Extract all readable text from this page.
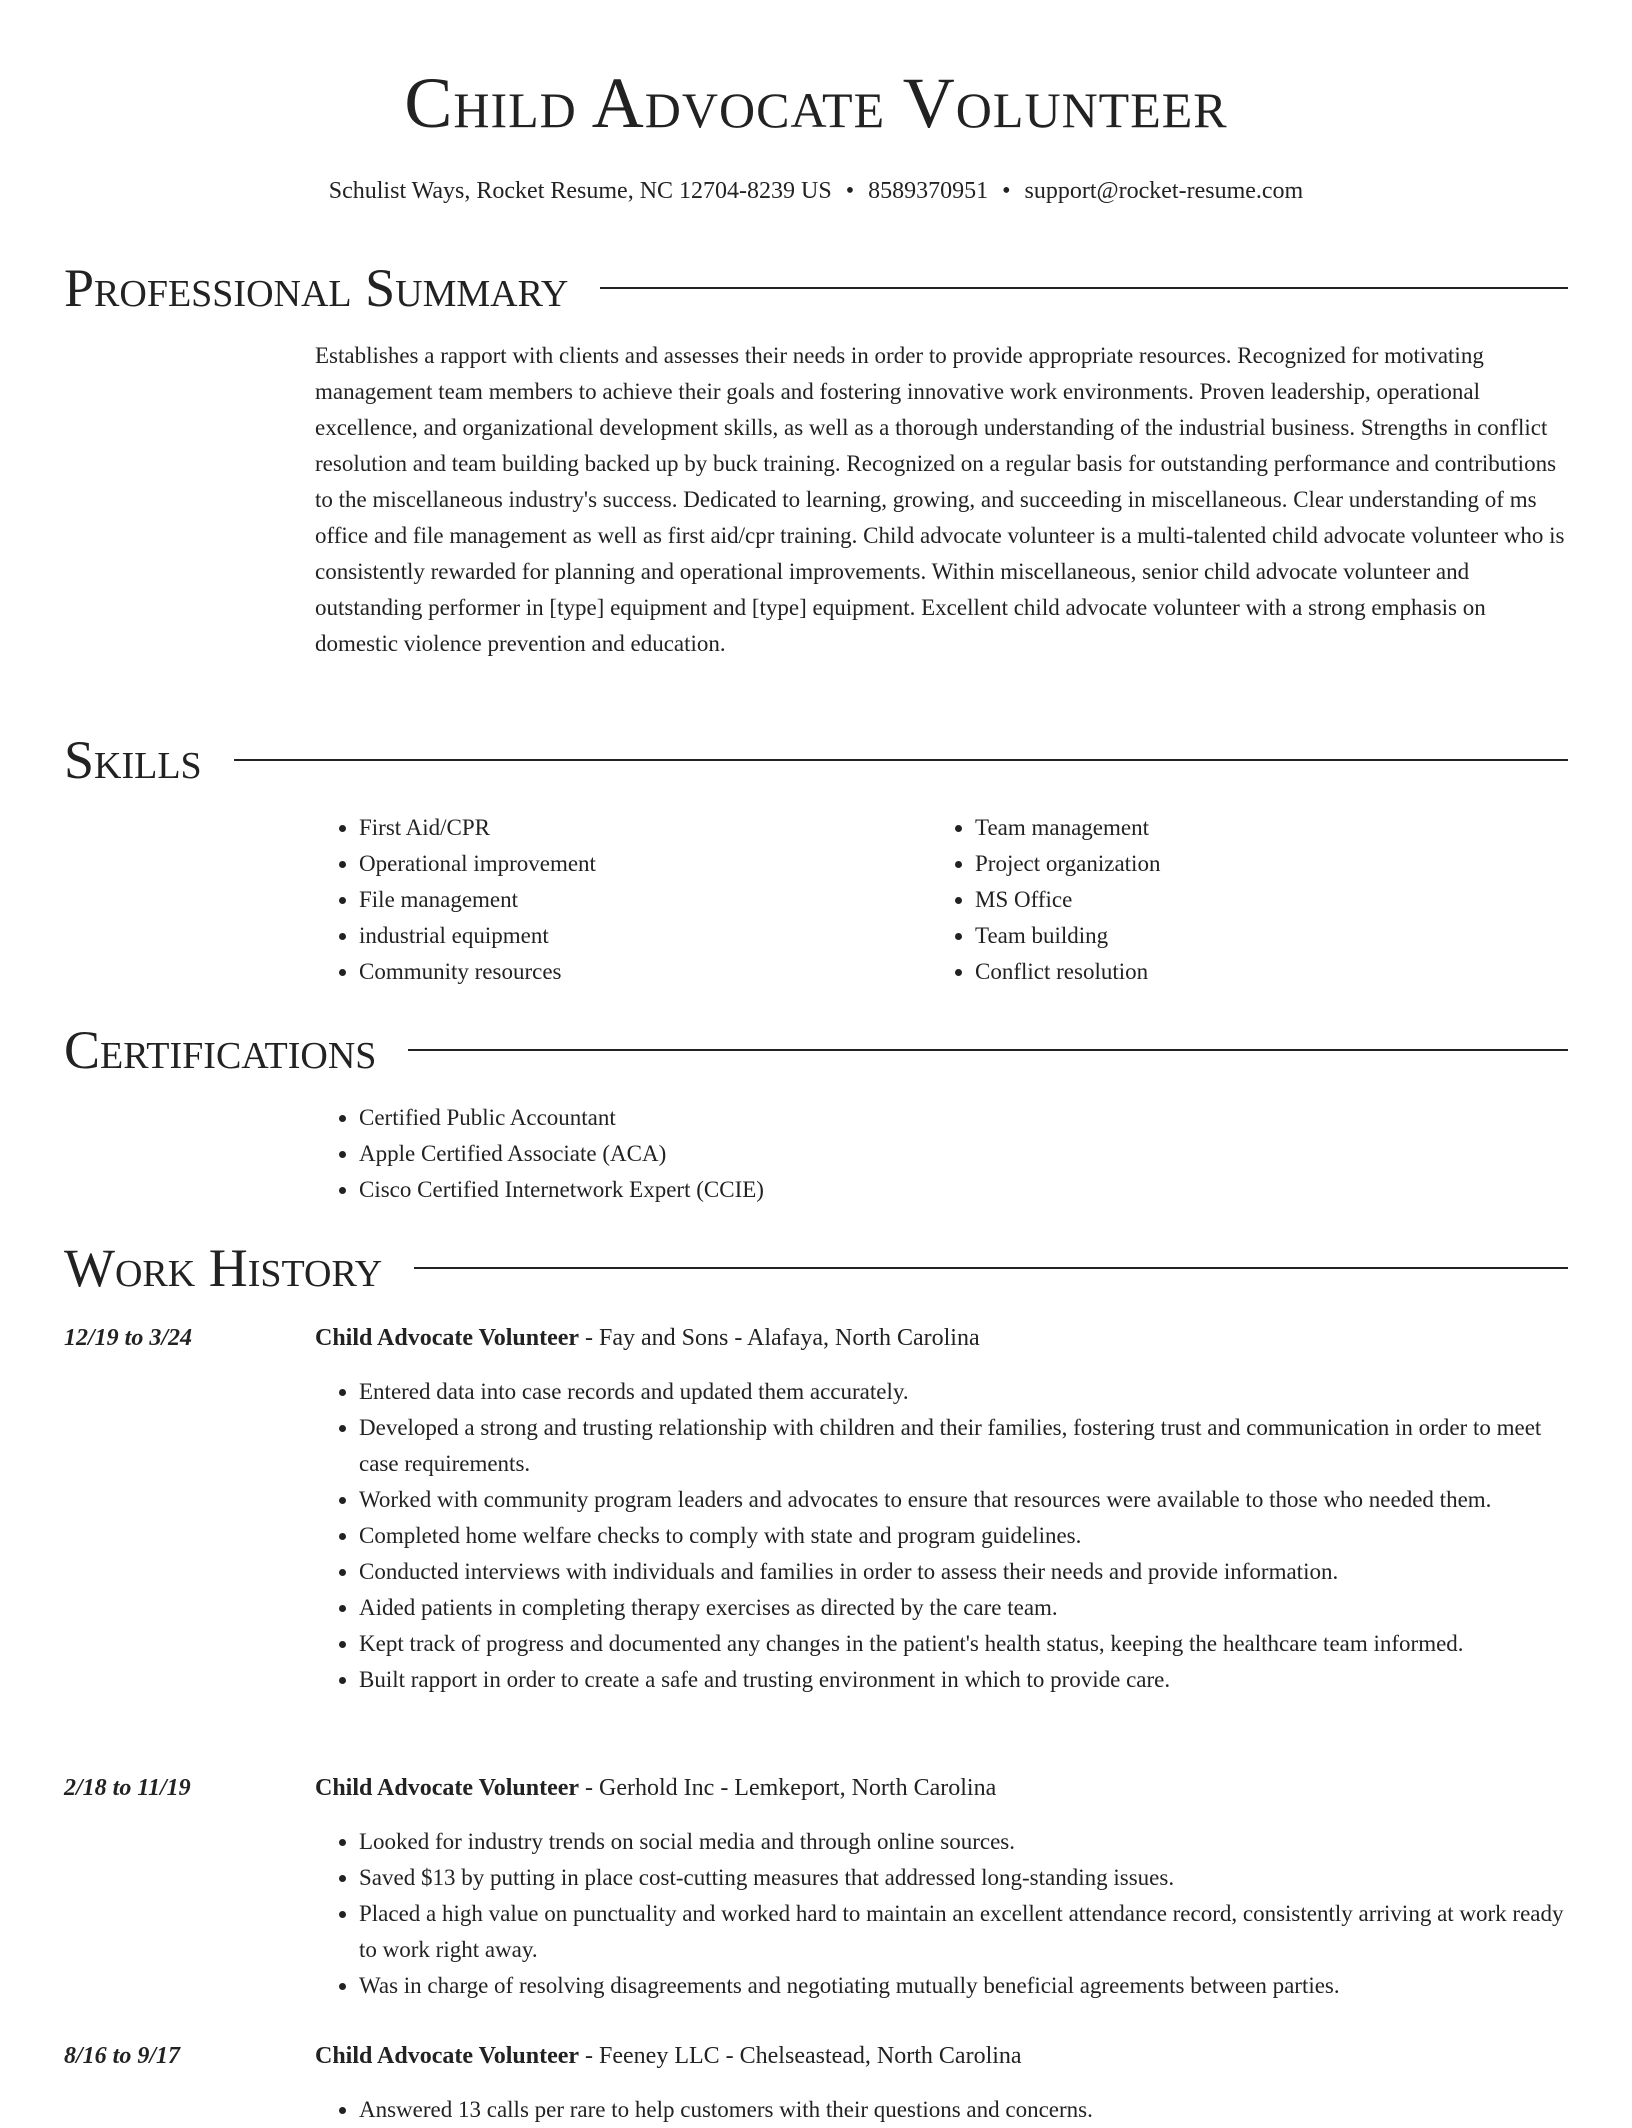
Child Advocate Volunteer
Schulist Ways, Rocket Resume, NC 12704-8239 US • 8589370951 • support@rocket-resume.com
Professional Summary

Establishes a rapport with clients and assesses their needs in order to provide appropriate resources. Recognized for motivating management team members to achieve their goals and fostering innovative work environments. Proven leadership, operational excellence, and organizational development skills, as well as a thorough understanding of the industrial business. Strengths in conflict resolution and team building backed up by buck training. Recognized on a regular basis for outstanding performance and contributions to the miscellaneous industry's success. Dedicated to learning, growing, and succeeding in miscellaneous. Clear understanding of ms office and file management as well as first aid/cpr training. Child advocate volunteer is a multi-talented child advocate volunteer who is consistently rewarded for planning and operational improvements. Within miscellaneous, senior child advocate volunteer and outstanding performer in [type] equipment and [type] equipment. Excellent child advocate volunteer with a strong emphasis on domestic violence prevention and education.

Skills
• First Aid/CPR
• Operational improvement
• File management
• industrial equipment
• Community resources
• Team management
• Project organization
• MS Office
• Team building
• Conflict resolution
Certifications
• Certified Public Accountant
• Apple Certified Associate (ACA)
• Cisco Certified Internetwork Expert (CCIE)
Work History
12/19 to 3/24	Child Advocate Volunteer - Fay and Sons - Alafaya, North Carolina
• Entered data into case records and updated them accurately.
• Developed a strong and trusting relationship with children and their families, fostering trust and communication in order to meet case requirements.
• Worked with community program leaders and advocates to ensure that resources were available to those who needed them.
• Completed home welfare checks to comply with state and program guidelines.
• Conducted interviews with individuals and families in order to assess their needs and provide information.
• Aided patients in completing therapy exercises as directed by the care team.
• Kept track of progress and documented any changes in the patient's health status, keeping the healthcare team informed.
• Built rapport in order to create a safe and trusting environment in which to provide care.
2/18 to 11/19	Child Advocate Volunteer - Gerhold Inc - Lemkeport, North Carolina
• Looked for industry trends on social media and through online sources.
• Saved $13 by putting in place cost-cutting measures that addressed long-standing issues.
• Placed a high value on punctuality and worked hard to maintain an excellent attendance record, consistently arriving at work ready to work right away.
• Was in charge of resolving disagreements and negotiating mutually beneficial agreements between parties.
8/16 to 9/17	Child Advocate Volunteer - Feeney LLC - Chelseastead, North Carolina
• Answered 13 calls per rare to help customers with their questions and concerns.
